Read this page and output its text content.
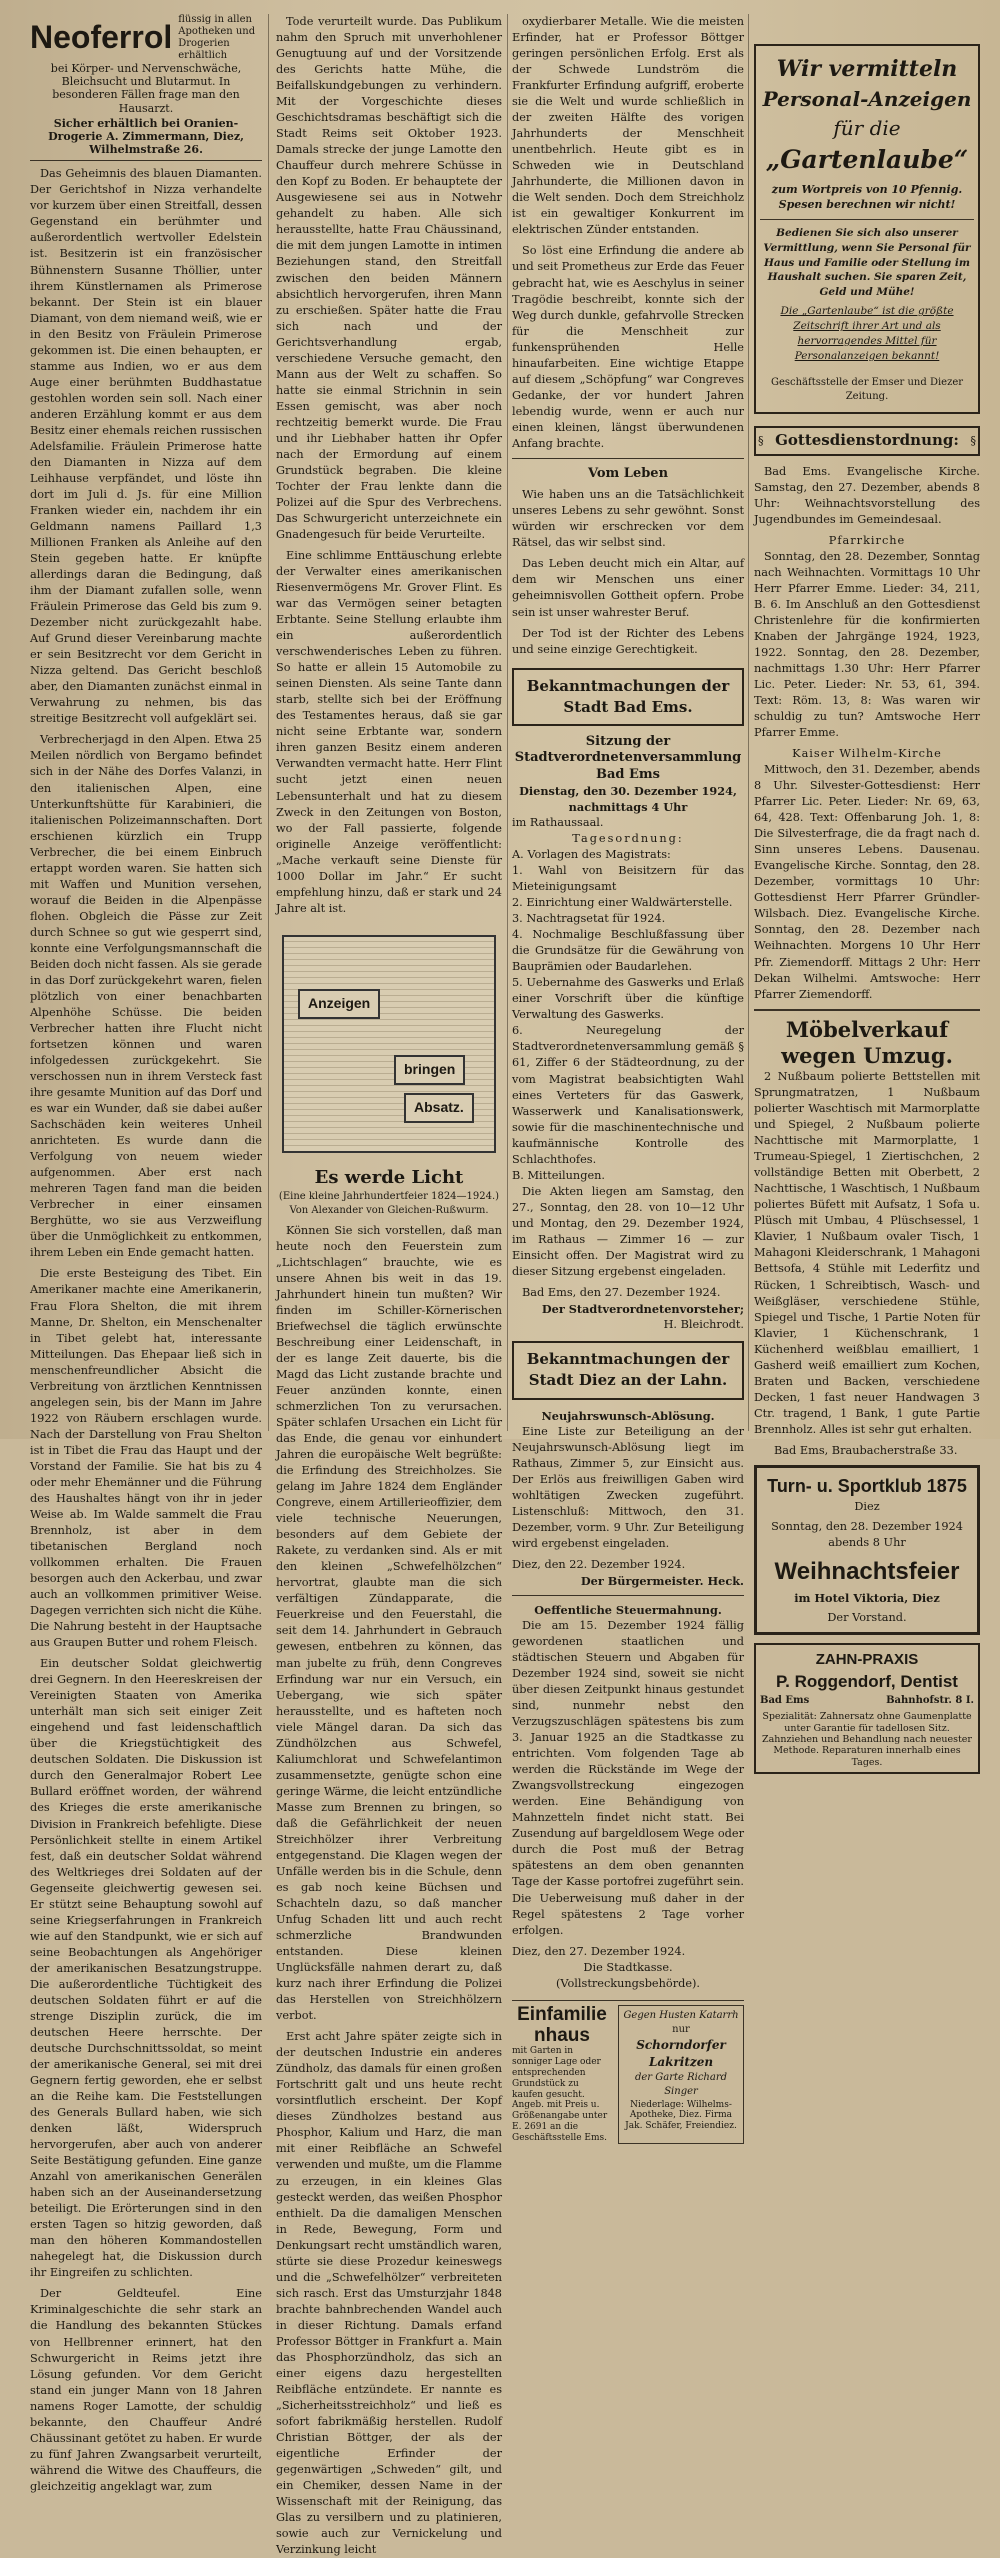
Neoferrol flüssig in allen Apotheken und Drogerien erhältlich
bei Körper- und Nervenschwäche, Bleichsucht und Blutarmut. In besonderen Fällen frage man den Hausarzt.
Sicher erhältlich bei Oranien-Drogerie A. Zimmermann, Diez, Wilhelmstraße 26.

Das Geheimnis des blauen Diamanten. Der Gerichtshof in Nizza verhandelte vor kurzem über einen Streitfall, dessen Gegenstand ein berühmter und außerordentlich wertvoller Edelstein ist. Besitzerin ist ein französischer Bühnenstern Susanne Thöllier, unter ihrem Künstlernamen als Primerose bekannt. Der Stein ist ein blauer Diamant, von dem niemand weiß, wie er in den Besitz von Fräulein Primerose gekommen ist. Die einen behaupten, er stamme aus Indien, wo er aus dem Auge einer berühmten Buddhastatue gestohlen worden sein soll. Nach einer anderen Erzählung kommt er aus dem Besitz einer ehemals reichen russischen Adelsfamilie. Fräulein Primerose hatte den Diamanten in Nizza auf dem Leihhause verpfändet, und löste ihn dort im Juli d. Js. für eine Million Franken wieder ein, nachdem ihr ein Geldmann namens Paillard 1,3 Millionen Franken als Anleihe auf den Stein gegeben hatte. Er knüpfte allerdings daran die Bedingung, daß ihm der Diamant zufallen solle, wenn Fräulein Primerose das Geld bis zum 9. Dezember nicht zurückgezahlt habe. Auf Grund dieser Vereinbarung machte er sein Besitzrecht vor dem Gericht in Nizza geltend. Das Gericht beschloß aber, den Diamanten zunächst einmal in Verwahrung zu nehmen, bis das streitige Besitzrecht voll aufgeklärt sei.

Verbrecherjagd in den Alpen. Etwa 25 Meilen nördlich von Bergamo befindet sich in der Nähe des Dorfes Valanzi, in den italienischen Alpen, eine Unterkunftshütte für Karabinieri, die italienischen Polizeimannschaften. Dort erschienen kürzlich ein Trupp Verbrecher, die bei einem Einbruch ertappt worden waren. Sie hatten sich mit Waffen und Munition versehen, worauf die Beiden in die Alpenpässe flohen. Obgleich die Pässe zur Zeit durch Schnee so gut wie gesperrt sind, konnte eine Verfolgungsmannschaft die Beiden doch nicht fassen. Als sie gerade in das Dorf zurückgekehrt waren, fielen plötzlich von einer benachbarten Alpenhöhe Schüsse. Die beiden Verbrecher hatten ihre Flucht nicht fortsetzen können und waren infolgedessen zurückgekehrt. Sie verschossen nun in ihrem Versteck fast ihre gesamte Munition auf das Dorf und es war ein Wunder, daß sie dabei außer Sachschäden kein weiteres Unheil anrichteten. Es wurde dann die Verfolgung von neuem wieder aufgenommen. Aber erst nach mehreren Tagen fand man die beiden Verbrecher in einer einsamen Berghütte, wo sie aus Verzweiflung über die Unmöglichkeit zu entkommen, ihrem Leben ein Ende gemacht hatten.

Die erste Besteigung des Tibet. Ein Amerikaner machte eine Amerikanerin, Frau Flora Shelton, die mit ihrem Manne, Dr. Shelton, ein Menschenalter in Tibet gelebt hat, interessante Mitteilungen. Das Ehepaar ließ sich in menschenfreundlicher Absicht die Verbreitung von ärztlichen Kenntnissen angelegen sein, bis der Mann im Jahre 1922 von Räubern erschlagen wurde. Nach der Darstellung von Frau Shelton ist in Tibet die Frau das Haupt und der Vorstand der Familie. Sie hat bis zu 4 oder mehr Ehemänner und die Führung des Haushaltes hängt von ihr in jeder Weise ab. Im Walde sammelt die Frau Brennholz, ist aber in dem tibetanischen Bergland noch vollkommen erhalten. Die Frauen besorgen auch den Ackerbau, und zwar auch an vollkommen primitiver Weise. Dagegen verrichten sich nicht die Kühe. Die Nahrung besteht in der Hauptsache aus Graupen Butter und rohem Fleisch.

Ein deutscher Soldat gleichwertig drei Gegnern. In den Heereskreisen der Vereinigten Staaten von Amerika unterhält man sich seit einiger Zeit eingehend und fast leidenschaftlich über die Kriegstüchtigkeit des deutschen Soldaten. Die Diskussion ist durch den Generalmajor Robert Lee Bullard eröffnet worden, der während des Krieges die erste amerikanische Division in Frankreich befehligte. Diese Persönlichkeit stellte in einem Artikel fest, daß ein deutscher Soldat während des Weltkrieges drei Soldaten auf der Gegenseite gleichwertig gewesen sei. Er stützt seine Behauptung sowohl auf seine Kriegserfahrungen in Frankreich wie auf den Standpunkt, wie er sich auf seine Beobachtungen als Angehöriger der amerikanischen Besatzungstruppe. Die außerordentliche Tüchtigkeit des deutschen Soldaten führt er auf die strenge Disziplin zurück, die im deutschen Heere herrschte. Der deutsche Durchschnittssoldat, so meint der amerikanische General, sei mit drei Gegnern fertig geworden, ehe er selbst an die Reihe kam. Die Feststellungen des Generals Bullard haben, wie sich denken läßt, Widerspruch hervorgerufen, aber auch von anderer Seite Bestätigung gefunden. Eine ganze Anzahl von amerikanischen Generälen haben sich an der Auseinandersetzung beteiligt. Die Erörterungen sind in den ersten Tagen so hitzig geworden, daß man den höheren Kommandostellen nahegelegt hat, die Diskussion durch ihr Eingreifen zu schlichten.

Der Geldteufel. Eine Kriminalgeschichte die sehr stark an die Handlung des bekannten Stückes von Hellbrenner erinnert, hat den Schwurgericht in Reims jetzt ihre Lösung gefunden. Vor dem Gericht stand ein junger Mann von 18 Jahren namens Roger Lamotte, der schuldig bekannte, den Chauffeur André Chäussinant getötet zu haben. Er wurde zu fünf Jahren Zwangsarbeit verurteilt, während die Witwe des Chauffeurs, die gleichzeitig angeklagt war, zum

Tode verurteilt wurde. Das Publikum nahm den Spruch mit unverhohlener Genugtuung auf und der Vorsitzende des Gerichts hatte Mühe, die Beifallskundgebungen zu verhindern. Mit der Vorgeschichte dieses Geschichtsdramas beschäftigt sich die Stadt Reims seit Oktober 1923. Damals strecke der junge Lamotte den Chauffeur durch mehrere Schüsse in den Kopf zu Boden. Er behauptete der Ausgewiesene sei aus in Notwehr gehandelt zu haben. Alle sich herausstellte, hatte Frau Chäussinand, die mit dem jungen Lamotte in intimen Beziehungen stand, den Streitfall zwischen den beiden Männern absichtlich hervorgerufen, ihren Mann zu erschießen. Später hatte die Frau sich nach und der Gerichtsverhandlung ergab, verschiedene Versuche gemacht, den Mann aus der Welt zu schaffen. So hatte sie einmal Strichnin in sein Essen gemischt, was aber noch rechtzeitig bemerkt wurde. Die Frau und ihr Liebhaber hatten ihr Opfer nach der Ermordung auf einem Grundstück begraben. Die kleine Tochter der Frau lenkte dann die Polizei auf die Spur des Verbrechens. Das Schwurgericht unterzeichnete ein Gnadengesuch für beide Verurteilte.

Eine schlimme Enttäuschung erlebte der Verwalter eines amerikanischen Riesenvermögens Mr. Grover Flint. Es war das Vermögen seiner betagten Erbtante. Seine Stellung erlaubte ihm ein außerordentlich verschwenderisches Leben zu führen. So hatte er allein 15 Automobile zu seinen Diensten. Als seine Tante dann starb, stellte sich bei der Eröffnung des Testamentes heraus, daß sie gar nicht seine Erbtante war, sondern ihren ganzen Besitz einem anderen Verwandten vermacht hatte. Herr Flint sucht jetzt einen neuen Lebensunterhalt und hat zu diesem Zweck in den Zeitungen von Boston, wo der Fall passierte, folgende originelle Anzeige veröffentlicht: „Mache verkauft seine Dienste für 1000 Dollar im Jahr.“ Er sucht empfehlung hinzu, daß er stark und 24 Jahre alt ist.

Anzeigen
bringen
Absatz.
Es werde Licht
(Eine kleine Jahrhundertfeier 1824—1924.)
Von Alexander von Gleichen-Rußwurm.

Können Sie sich vorstellen, daß man heute noch den Feuerstein zum „Lichtschlagen“ brauchte, wie es unsere Ahnen bis weit in das 19. Jahrhundert hinein tun mußten? Wir finden im Schiller-Körnerischen Briefwechsel die täglich erwünschte Beschreibung einer Leidenschaft, in der es lange Zeit dauerte, bis die Magd das Licht zustande brachte und Feuer anzünden konnte, einen schmerzlichen Ton zu verursachen. Später schlafen Ursachen ein Licht für das Ende, die genau vor einhundert Jahren die europäische Welt begrüßte: die Erfindung des Streichholzes. Sie gelang im Jahre 1824 dem Engländer Congreve, einem Artillerieoffizier, dem viele technische Neuerungen, besonders auf dem Gebiete der Rakete, zu verdanken sind. Als er mit den kleinen „Schwefelhölzchen“ hervortrat, glaubte man die sich verfältigen Zündapparate, die Feuerkreise und den Feuerstahl, die seit dem 14. Jahrhundert in Gebrauch gewesen, entbehren zu können, das man jubelte zu früh, denn Congreves Erfindung war nur ein Versuch, ein Uebergang, wie sich später herausstellte, und es hafteten noch viele Mängel daran. Da sich das Zündhölzchen aus Schwefel, Kaliumchlorat und Schwefelantimon zusammensetzte, genügte schon eine geringe Wärme, die leicht entzündliche Masse zum Brennen zu bringen, so daß die Gefährlichkeit der neuen Streichhölzer ihrer Verbreitung entgegenstand. Die Klagen wegen der Unfälle werden bis in die Schule, denn es gab noch keine Büchsen und Schachteln dazu, so daß mancher Unfug Schaden litt und auch recht schmerzliche Brandwunden entstanden. Diese kleinen Unglücksfälle nahmen derart zu, daß kurz nach ihrer Erfindung die Polizei das Herstellen von Streichhölzern verbot.

Erst acht Jahre später zeigte sich in der deutschen Industrie ein anderes Zündholz, das damals für einen großen Fortschritt galt und uns heute recht vorsintflutlich erscheint. Der Kopf dieses Zündholzes bestand aus Phosphor, Kalium und Harz, die man mit einer Reibfläche an Schwefel verwenden und mußte, um die Flamme zu erzeugen, in ein kleines Glas gesteckt werden, das weißen Phosphor enthielt. Da die damaligen Menschen in Rede, Bewegung, Form und Denkungsart recht umständlich waren, stürte sie diese Prozedur keineswegs und die „Schwefelhölzer“ verbreiteten sich rasch. Erst das Umsturzjahr 1848 brachte bahnbrechenden Wandel auch in dieser Richtung. Damals erfand Professor Böttger in Frankfurt a. Main das Phosphorzündholz, das sich an einer eigens dazu hergestellten Reibfläche entzündete. Er nannte es „Sicherheitsstreichholz“ und ließ es sofort fabrikmäßig herstellen. Rudolf Christian Böttger, der als der eigentliche Erfinder der gegenwärtigen „Schweden“ gilt, und ein Chemiker, dessen Name in der Wissenschaft mit der Reinigung, das Glas zu versilbern und zu platinieren, sowie auch zur Vernickelung und Verzinkung leicht

oxydierbarer Metalle. Wie die meisten Erfinder, hat er Professor Böttger geringen persönlichen Erfolg. Erst als der Schwede Lundström die Frankfurter Erfindung aufgriff, eroberte sie die Welt und wurde schließlich in der zweiten Hälfte des vorigen Jahrhunderts der Menschheit unentbehrlich. Heute gibt es in Schweden wie in Deutschland Jahrhunderte, die Millionen davon in die Welt senden. Doch dem Streichholz ist ein gewaltiger Konkurrent im elektrischen Zünder entstanden.

So löst eine Erfindung die andere ab und seit Prometheus zur Erde das Feuer gebracht hat, wie es Aeschylus in seiner Tragödie beschreibt, konnte sich der Weg durch dunkle, gefahrvolle Strecken für die Menschheit zur funkensprühenden Helle hinaufarbeiten. Eine wichtige Etappe auf diesem „Schöpfung“ war Congreves Gedanke, der vor hundert Jahren lebendig wurde, wenn er auch nur einen kleinen, längst überwundenen Anfang brachte.

Vom Leben

Wie haben uns an die Tatsächlichkeit unseres Lebens zu sehr gewöhnt. Sonst würden wir erschrecken vor dem Rätsel, das wir selbst sind.

Das Leben deucht mich ein Altar, auf dem wir Menschen uns einer geheimnisvollen Gottheit opfern. Probe sein ist unser wahrester Beruf.

Der Tod ist der Richter des Lebens und seine einzige Gerechtigkeit.

Bekanntmachungen der Stadt Bad Ems.
Sitzung der Stadtverordnetenversammlung Bad Ems
Dienstag, den 30. Dezember 1924, nachmittags 4 Uhr
im Rathaussaal.
Tagesordnung:
A. Vorlagen des Magistrats:
1. Wahl von Beisitzern für das Mieteinigungsamt
2. Einrichtung einer Waldwärterstelle.
3. Nachtragsetat für 1924.
4. Nochmalige Beschlußfassung über die Grundsätze für die Gewährung von Bauprämien oder Baudarlehen.
5. Uebernahme des Gaswerks und Erlaß einer Vorschrift über die künftige Verwaltung des Gaswerks.
6. Neuregelung der Stadtverordnetenversammlung gemäß § 61, Ziffer 6 der Städteordnung, zu der vom Magistrat beabsichtigten Wahl eines Verteters für das Gaswerk, Wasserwerk und Kanalisationswerk, sowie für die maschinentechnische und kaufmännische Kontrolle des Schlachthofes.
B. Mitteilungen.

Die Akten liegen am Samstag, den 27., Sonntag, den 28. von 10—12 Uhr und Montag, den 29. Dezember 1924, im Rathaus — Zimmer 16 — zur Einsicht offen. Der Magistrat wird zu dieser Sitzung ergebenst eingeladen.

Bad Ems, den 27. Dezember 1924.
Der Stadtverordnetenvorsteher;
H. Bleichrodt.
Bekanntmachungen der Stadt Diez an der Lahn.
Neujahrswunsch-Ablösung.

Eine Liste zur Beteiligung an der Neujahrswunsch-Ablösung liegt im Rathaus, Zimmer 5, zur Einsicht aus. Der Erlös aus freiwilligen Gaben wird wohltätigen Zwecken zugeführt. Listenschluß: Mittwoch, den 31. Dezember, vorm. 9 Uhr. Zur Beteiligung wird ergebenst eingeladen.

Diez, den 22. Dezember 1924.
Der Bürgermeister. Heck.
Oeffentliche Steuermahnung.

Die am 15. Dezember 1924 fällig gewordenen staatlichen und städtischen Steuern und Abgaben für Dezember 1924 sind, soweit sie nicht über diesen Zeitpunkt hinaus gestundet sind, nunmehr nebst den Verzugszuschlägen spätestens bis zum 3. Januar 1925 an die Stadtkasse zu entrichten. Vom folgenden Tage ab werden die Rückstände im Wege der Zwangsvollstreckung eingezogen werden. Eine Behändigung von Mahnzetteln findet nicht statt. Bei Zusendung auf bargeldlosem Wege oder durch die Post muß der Betrag spätestens an dem oben genannten Tage der Kasse portofrei zugeführt sein. Die Ueberweisung muß daher in der Regel spätestens 2 Tage vorher erfolgen.

Diez, den 27. Dezember 1924.
Die Stadtkasse.
(Vollstreckungsbehörde).
Einfamilienhaus
mit Garten in sonniger Lage oder entsprechenden Grundstück zu kaufen gesucht. Angeb. mit Preis u. Größenangabe unter E. 2691 an die Geschäftsstelle Ems.
Gegen Husten Katarrh
nur
Schorndorfer Lakritzen
der Garte Richard Singer
Niederlage: Wilhelms-Apotheke, Diez. Firma Jak. Schäfer, Freiendiez.
Wir vermitteln
Personal-Anzeigen
für die
„Gartenlaube“
zum Wortpreis von 10 Pfennig. Spesen berechnen wir nicht!
Bedienen Sie sich also unserer Vermittlung, wenn Sie Personal für Haus und Familie oder Stellung im Haushalt suchen. Sie sparen Zeit, Geld und Mühe!
Die „Gartenlaube“ ist die größte Zeitschrift ihrer Art und als hervorragendes Mittel für Personalanzeigen bekannt!
Geschäftsstelle der Emser und Diezer Zeitung.
§ Gottesdienstordnung: §

Bad Ems. Evangelische Kirche. Samstag, den 27. Dezember, abends 8 Uhr: Weihnachtsvorstellung des Jugendbundes im Gemeindesaal.

Pfarrkirche

Sonntag, den 28. Dezember, Sonntag nach Weihnachten. Vormittags 10 Uhr Herr Pfarrer Emme. Lieder: 34, 211, B. 6. Im Anschluß an den Gottesdienst Christenlehre für die konfirmierten Knaben der Jahrgänge 1924, 1923, 1922. Sonntag, den 28. Dezember, nachmittags 1.30 Uhr: Herr Pfarrer Lic. Peter. Lieder: Nr. 53, 61, 394. Text: Röm. 13, 8: Was waren wir schuldig zu tun? Amtswoche Herr Pfarrer Emme.

Kaiser Wilhelm-Kirche

Mittwoch, den 31. Dezember, abends 8 Uhr. Silvester-Gottesdienst: Herr Pfarrer Lic. Peter. Lieder: Nr. 69, 63, 64, 428. Text: Offenbarung Joh. 1, 8: Die Silvesterfrage, die da fragt nach d. Sinn unseres Lebens. Dausenau. Evangelische Kirche. Sonntag, den 28. Dezember, vormittags 10 Uhr: Gottesdienst Herr Pfarrer Gründler-Wilsbach. Diez. Evangelische Kirche. Sonntag, den 28. Dezember nach Weihnachten. Morgens 10 Uhr Herr Pfr. Ziemendorff. Mittags 2 Uhr: Herr Dekan Wilhelmi. Amtswoche: Herr Pfarrer Ziemendorff.

Möbelverkauf wegen Umzug.

2 Nußbaum polierte Bettstellen mit Sprungmatratzen, 1 Nußbaum polierter Waschtisch mit Marmorplatte und Spiegel, 2 Nußbaum polierte Nachttische mit Marmorplatte, 1 Trumeau-Spiegel, 1 Ziertischchen, 2 vollständige Betten mit Oberbett, 2 Nachttische, 1 Waschtisch, 1 Nußbaum poliertes Büfett mit Aufsatz, 1 Sofa u. Plüsch mit Umbau, 4 Plüschsessel, 1 Klavier, 1 Nußbaum ovaler Tisch, 1 Mahagoni Kleiderschrank, 1 Mahagoni Bettsofa, 4 Stühle mit Lederfitz und Rücken, 1 Schreibtisch, Wasch- und Weißgläser, verschiedene Stühle, Spiegel und Tische, 1 Partie Noten für Klavier, 1 Küchenschrank, 1 Küchenherd weißblau emailliert, 1 Gasherd weiß emailliert zum Kochen, Braten und Backen, verschiedene Decken, 1 fast neuer Handwagen 3 Ctr. tragend, 1 Bank, 1 gute Partie Brennholz. Alles ist sehr gut erhalten.

Bad Ems, Braubacherstraße 33.
Turn- u. Sportklub 1875
Diez
Sonntag, den 28. Dezember 1924 abends 8 Uhr
Weihnachtsfeier
im Hotel Viktoria, Diez
Der Vorstand.
ZAHN-PRAXIS
P. Roggendorf, Dentist
Bad Ems	Bahnhofstr. 8 I.
Spezialität: Zahnersatz ohne Gaumenplatte unter Garantie für tadellosen Sitz. Zahnziehen und Behandlung nach neuester Methode. Reparaturen innerhalb eines Tages.
